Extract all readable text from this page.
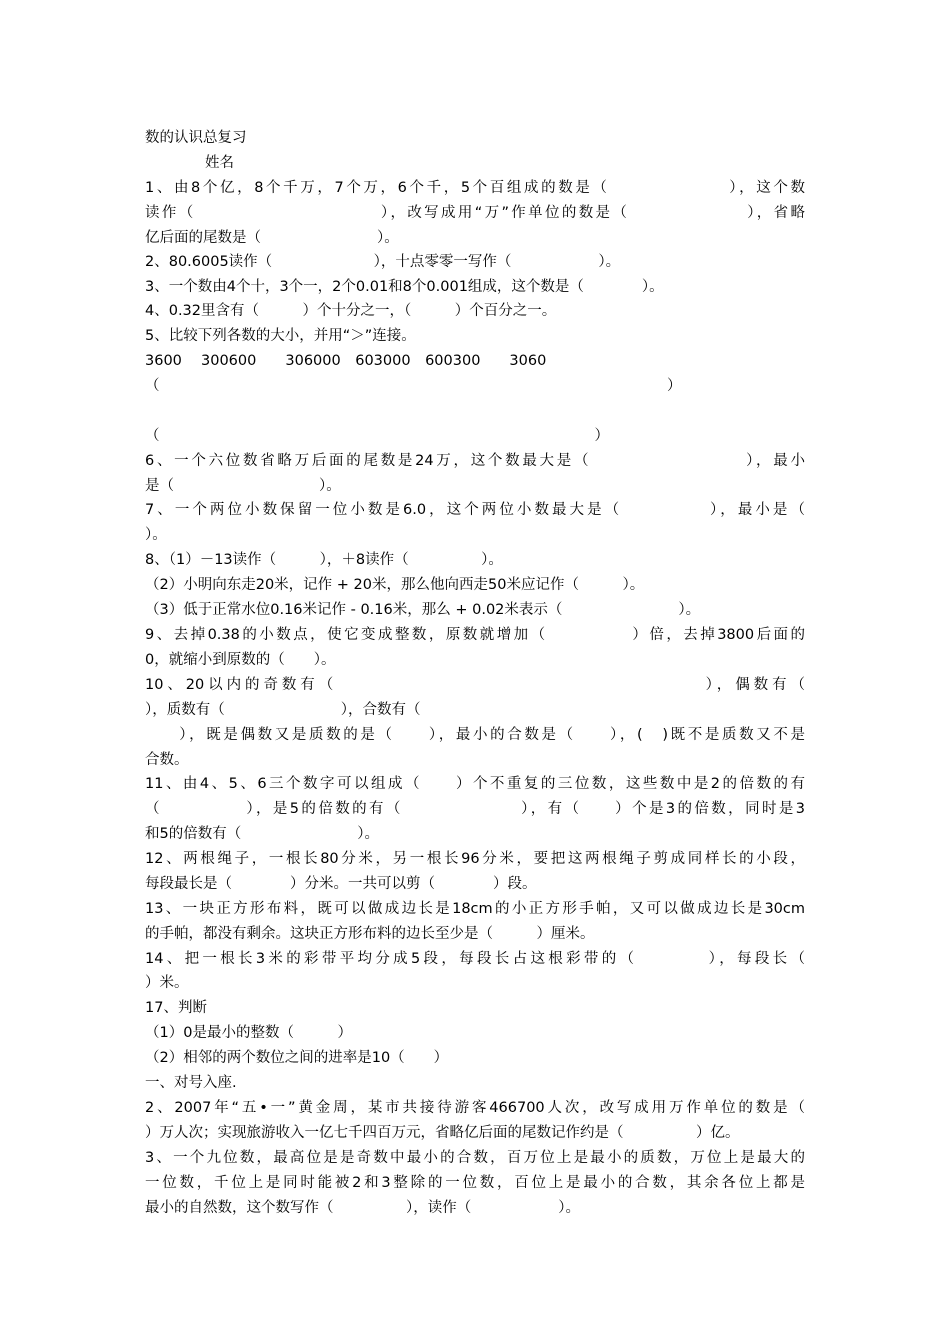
数的认识总复习
姓名
1、由8个亿，8个千万，7个万，6个千，5个百组成的数是（　　　　　　　），这个数
读作（　　　　　　　　　　　），改写成用“万”作单位的数是（　　　　　　　），省略
亿后面的尾数是（　　　　　　　　）。
2、80.6005读作（　　　　　　　），十点零零一写作（　　　　　　）。
3、一个数由4个十，3个一，2个0.01和8个0.001组成，这个数是（　　　　）。
4、0.32里含有（　　　）个十分之一，（　　　）个百分之一。
5、比较下列各数的大小，并用“＞”连接。
3600　 300600　　306000　603000　600300　　3060
（　　　　　　　　　　　　　　　　　　　　　　　　　　　　　　　　　　　）
（　　　　　　　　　　　　　　　　　　　　　　　　　　　　　　）
6、一个六位数省略万后面的尾数是24万，这个数最大是（　　　　　　　　　），最小
是（　　　　　　　　　　）。
7、一个两位小数保留一位小数是6.0，这个两位小数最大是（　　　　　），最小是（
）。
8、（1）－13读作（　　　），＋8读作（　　　　　）。
（2）小明向东走20米，记作 + 20米，那么他向西走50米应记作（　　　）。
（3）低于正常水位0.16米记作 - 0.16米，那么 + 0.02米表示（　　　　　　　　）。
9、去掉0.38的小数点，使它变成整数，原数就增加（　　　　　）倍，去掉3800后面的
0，就缩小到原数的（　　）。
10、20以内的奇数有（　　　　　　　　　　　　　　　　　　　　），偶数有（
），质数有（　　　　　　　　），合数有（
　　），既是偶数又是质数的是（　　），最小的合数是（　　），(　)既不是质数又不是
合数。
11、由4、5、6三个数字可以组成（　　）个不重复的三位数，这些数中是2的倍数的有
（　　　　　），是5的倍数的有（　　　　　　　），有（　　）个是3的倍数，同时是3
和5的倍数有（　　　　　　　　）。
12、两根绳子，一根长80分米，另一根长96分米，要把这两根绳子剪成同样长的小段，
每段最长是（　　　　）分米。一共可以剪（　　　　）段。
13、一块正方形布料，既可以做成边长是18cm的小正方形手帕，又可以做成边长是30cm
的手帕，都没有剩余。这块正方形布料的边长至少是（　　　）厘米。
14、把一根长3米的彩带平均分成5段，每段长占这根彩带的（　　　　），每段长（
）米。
17、判断
（1）0是最小的整数（　　　）
（2）相邻的两个数位之间的进率是10（　　）
一、对号入座.
2、2007年“五•一”黄金周，某市共接待游客466700人次，改写成用万作单位的数是（
）万人次；实现旅游收入一亿七千四百万元，省略亿后面的尾数记作约是（　　　　　）亿。
3、一个九位数，最高位是是奇数中最小的合数，百万位上是最小的质数，万位上是最大的
一位数，千位上是同时能被2和3整除的一位数，百位上是最小的合数，其余各位上都是
最小的自然数，这个数写作（　　　　　），读作（　　　　　　）。
